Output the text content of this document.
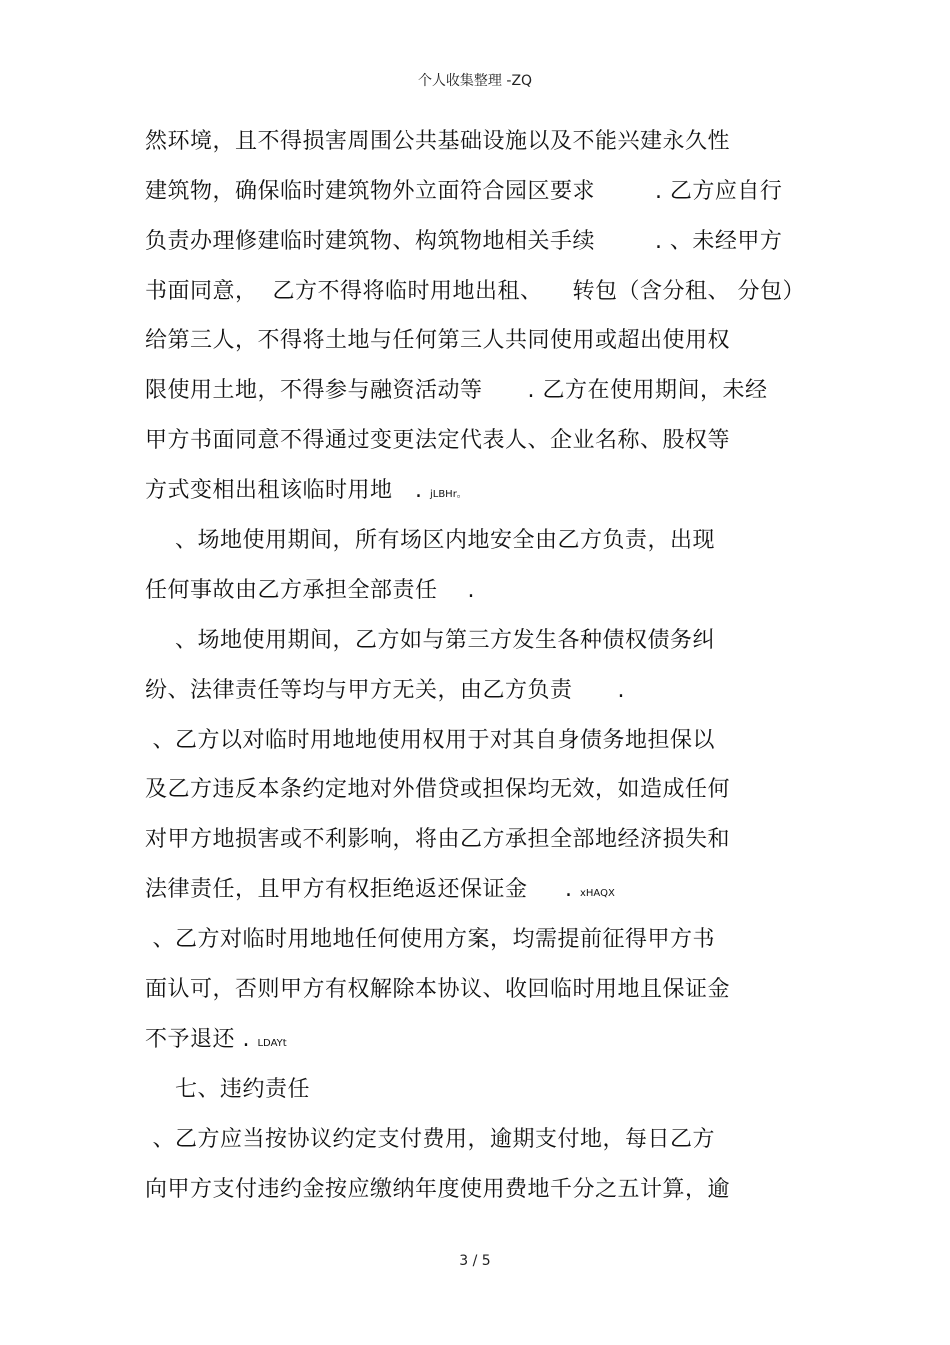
个人收集整理 -ZQ
然环境，且不得损害周围公共基础设施以及不能兴建永久性
建筑物，确保临时建筑物外立面符合园区要求        . 乙方应自行
负责办理修建临时建筑物、构筑物地相关手续        . 、未经甲方
书面同意，  乙方不得将临时用地出租、    转包（含分租、 分包）
给第三人，不得将土地与任何第三人共同使用或超出使用权
限使用土地，不得参与融资活动等      . 乙方在使用期间，未经
甲方书面同意不得通过变更法定代表人、企业名称、股权等
方式变相出租该临时用地   . jLBHr。
、场地使用期间，所有场区内地安全由乙方负责，出现
任何事故由乙方承担全部责任    .
、场地使用期间，乙方如与第三方发生各种债权债务纠
纷、法律责任等均与甲方无关，由乙方负责      .
、乙方以对临时用地地使用权用于对其自身债务地担保以
及乙方违反本条约定地对外借贷或担保均无效，如造成任何
对甲方地损害或不利影响，将由乙方承担全部地经济损失和
法律责任，且甲方有权拒绝返还保证金     . xHAQX
、乙方对临时用地地任何使用方案，均需提前征得甲方书
面认可，否则甲方有权解除本协议、收回临时用地且保证金
不予退还 . LDAYt
七、违约责任
、乙方应当按协议约定支付费用，逾期支付地，每日乙方
向甲方支付违约金按应缴纳年度使用费地千分之五计算，逾
3 / 5
